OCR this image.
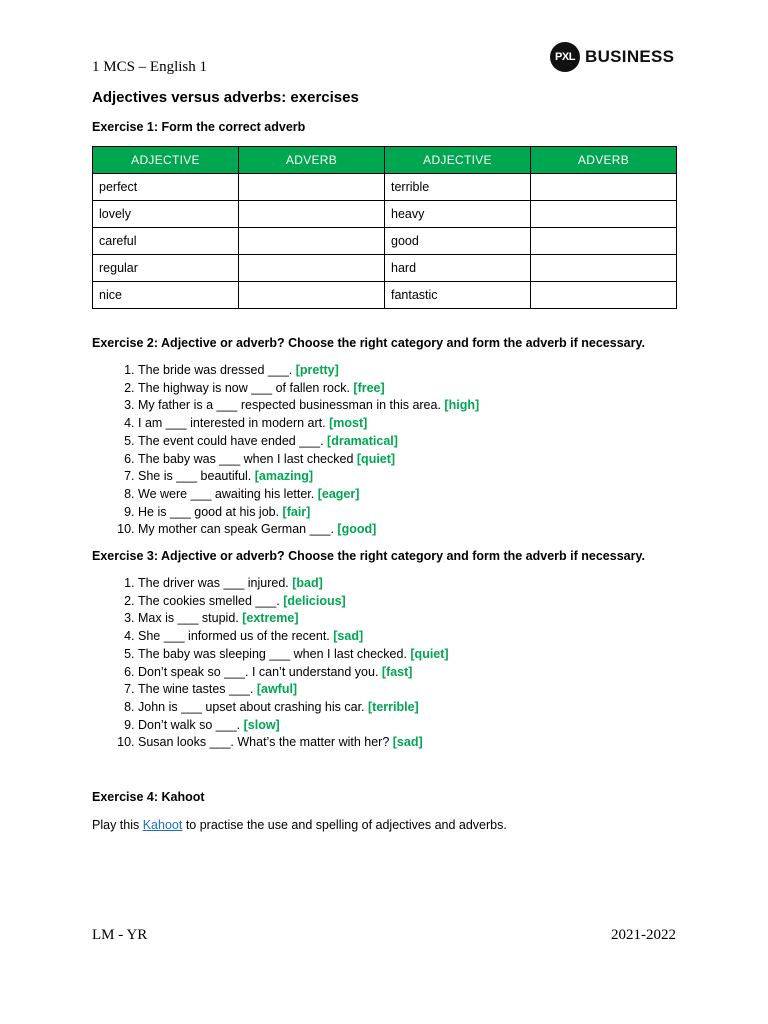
1 MCS – English 1
PXL BUSINESS
Adjectives versus adverbs: exercises
Exercise 1: Form the correct adverb
ADJECTIVE	ADVERB	ADJECTIVE	ADVERB
perfect		terrible	
lovely		heavy	
careful		good	
regular		hard	
nice		fantastic	
Exercise 2: Adjective or adverb? Choose the right category and form the adverb if necessary.
1. The bride was dressed ___. [pretty]
2. The highway is now ___ of fallen rock. [free]
3. My father is a ___ respected businessman in this area. [high]
4. I am ___ interested in modern art. [most]
5. The event could have ended ___. [dramatical]
6. The baby was ___ when I last checked [quiet]
7. She is ___ beautiful. [amazing]
8. We were ___ awaiting his letter. [eager]
9. He is ___ good at his job. [fair]
10. My mother can speak German ___. [good]
Exercise 3: Adjective or adverb? Choose the right category and form the adverb if necessary.
1. The driver was ___ injured. [bad]
2. The cookies smelled ___. [delicious]
3. Max is ___ stupid. [extreme]
4. She ___ informed us of the recent. [sad]
5. The baby was sleeping ___ when I last checked. [quiet]
6. Don’t speak so ___. I can’t understand you. [fast]
7. The wine tastes ___. [awful]
8. John is ___ upset about crashing his car. [terrible]
9. Don’t walk so ___. [slow]
10. Susan looks ___. What’s the matter with her? [sad]
Exercise 4: Kahoot
Play this Kahoot to practise the use and spelling of adjectives and adverbs.
LM - YR	2021-2022
